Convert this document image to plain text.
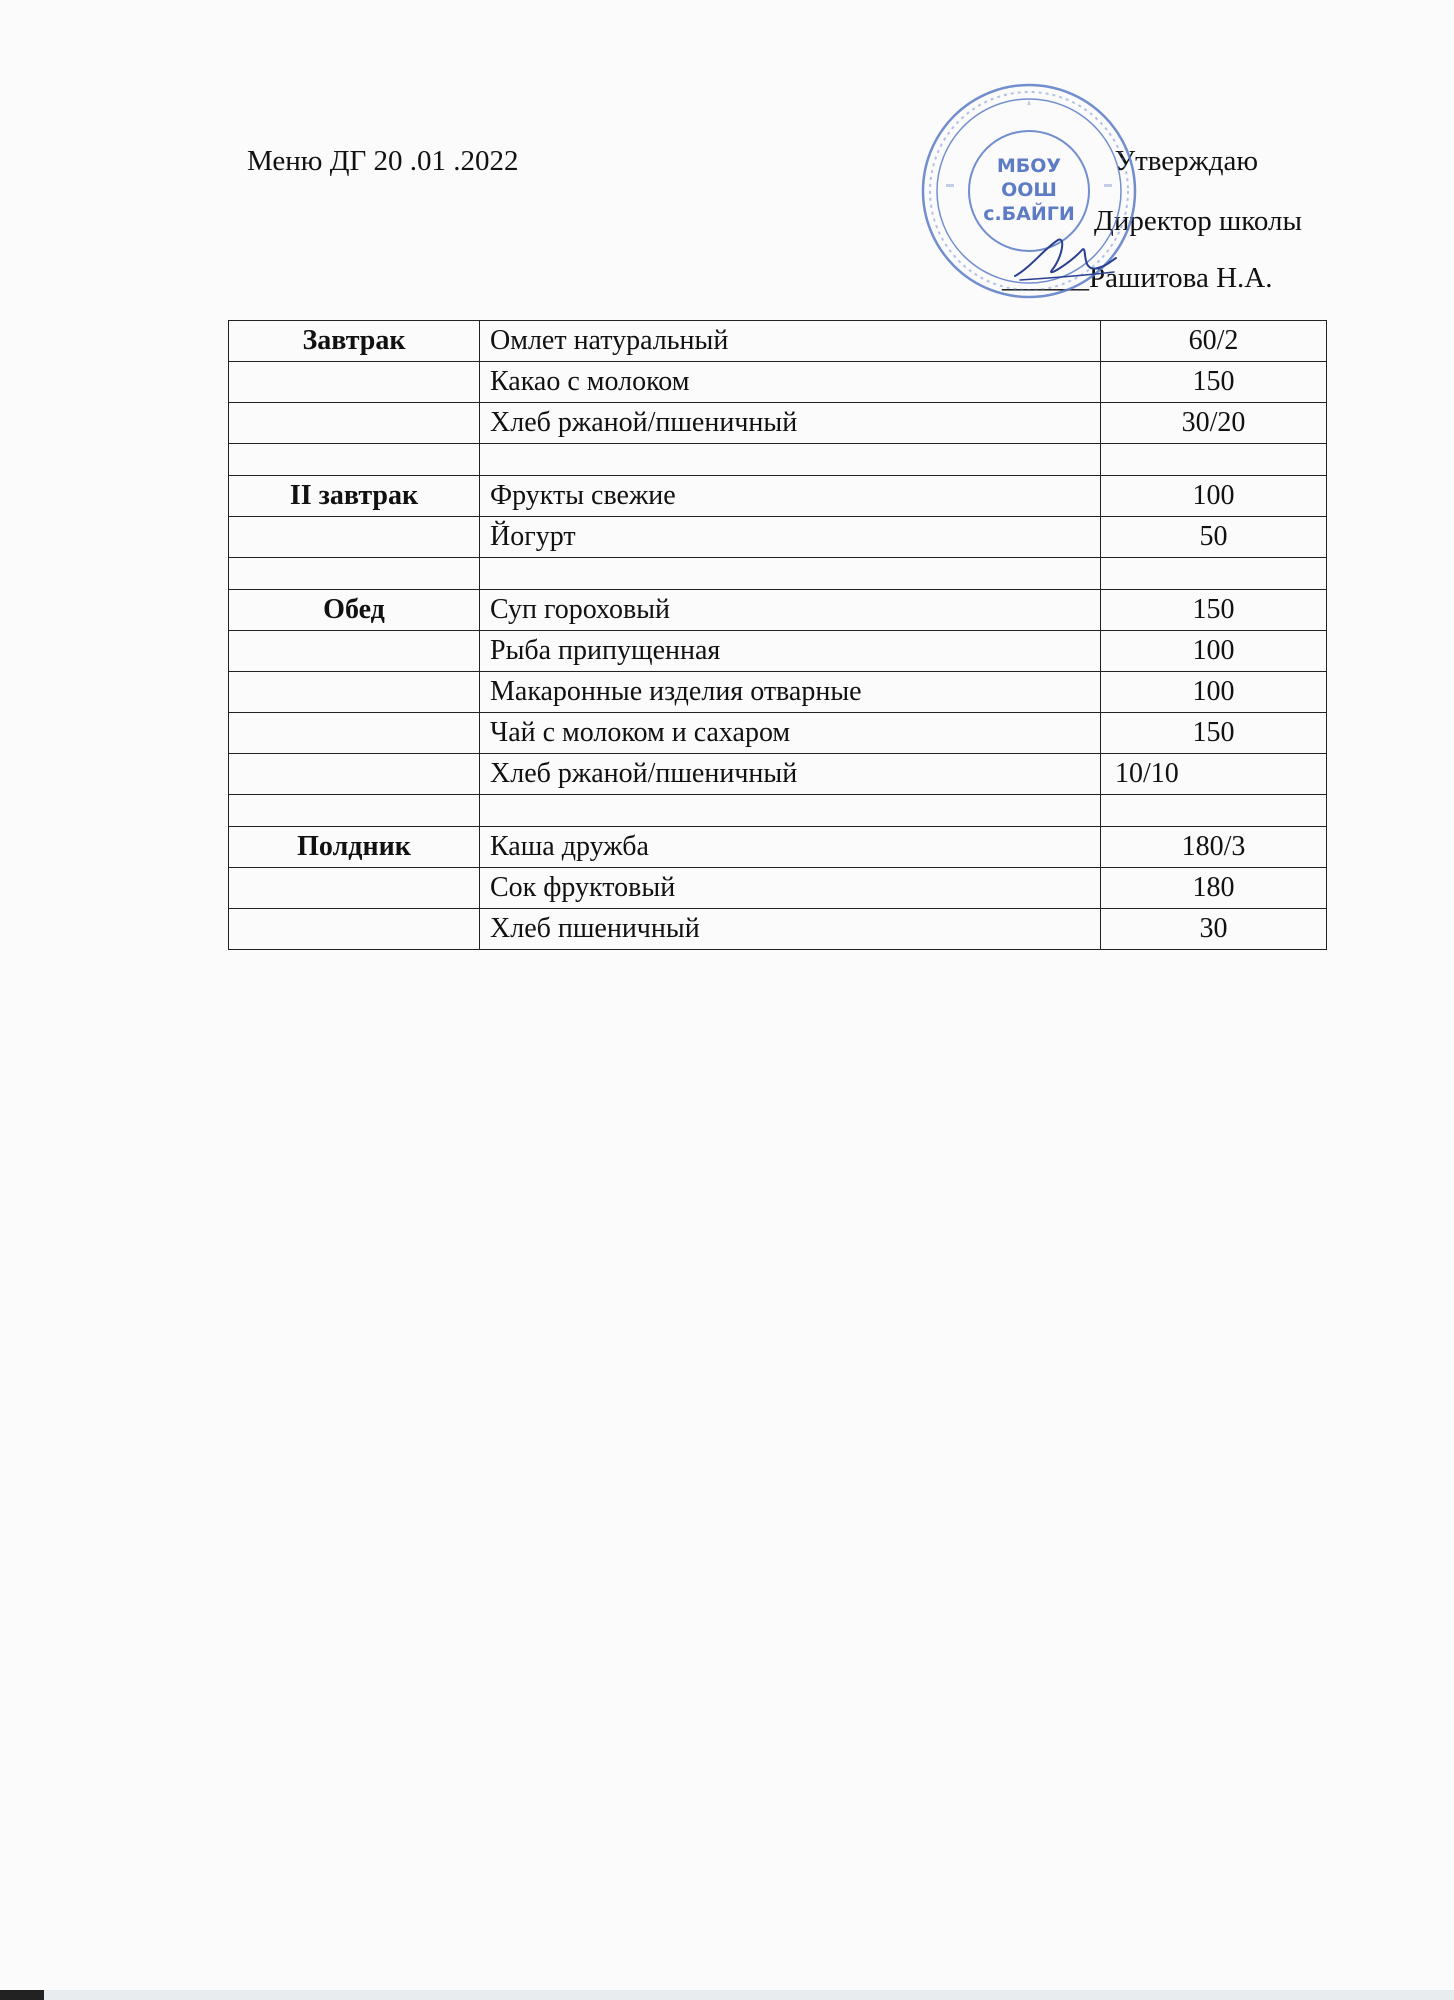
Меню ДГ 20 .01 .2022	Утверждаю
Директор школы
______Рашитова Н.А.
МБОУ
ООШ
с.БАЙГИ
Завтрак	Омлет натуральный	60/2
	Какао с молоком	150
	Хлеб ржаной/пшеничный	30/20

II завтрак	Фрукты свежие	100
	Йогурт	50

Обед	Суп гороховый	150
	Рыба припущенная	100
	Макаронные изделия отварные	100
	Чай с молоком и сахаром	150
	Хлеб ржаной/пшеничный	10/10

Полдник	Каша дружба	180/3
	Сок фруктовый	180
	Хлеб пшеничный	30
